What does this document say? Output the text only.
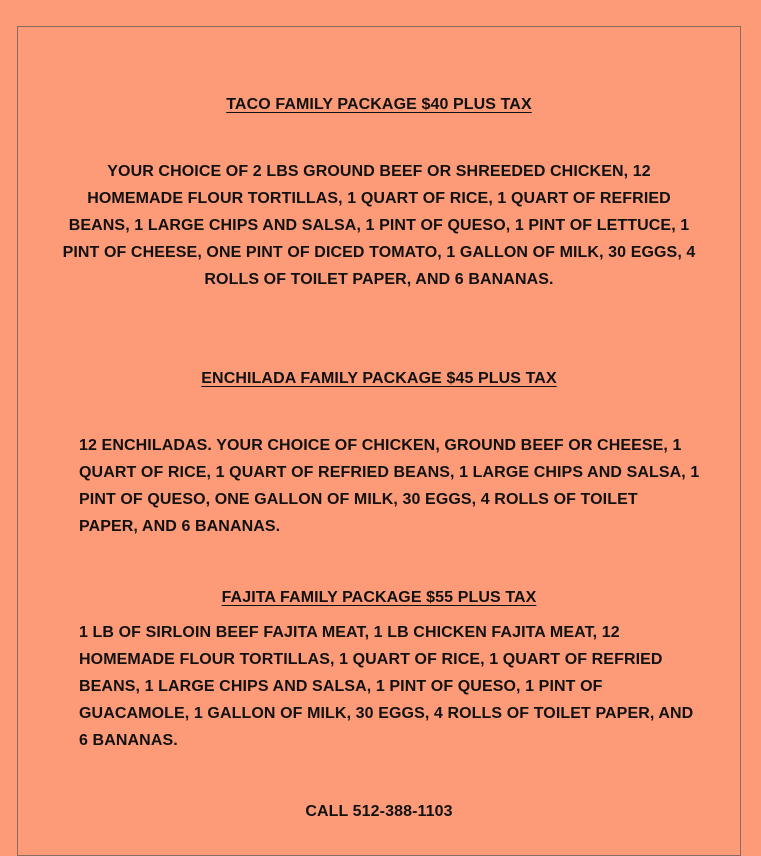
TACO FAMILY PACKAGE $40 PLUS TAX
YOUR CHOICE OF 2 LBS GROUND BEEF OR SHREEDED CHICKEN, 12 HOMEMADE FLOUR TORTILLAS, 1 QUART OF RICE, 1 QUART OF REFRIED BEANS, 1 LARGE CHIPS AND SALSA, 1 PINT OF QUESO, 1 PINT OF LETTUCE, 1 PINT OF CHEESE, ONE PINT OF DICED TOMATO, 1 GALLON OF MILK, 30 EGGS, 4 ROLLS OF TOILET PAPER, AND 6 BANANAS.
ENCHILADA FAMILY PACKAGE $45 PLUS TAX
12 ENCHILADAS. YOUR CHOICE OF CHICKEN, GROUND BEEF OR CHEESE, 1 QUART OF RICE, 1 QUART OF REFRIED BEANS, 1 LARGE CHIPS AND SALSA, 1 PINT OF QUESO, ONE GALLON OF MILK, 30 EGGS, 4 ROLLS OF TOILET PAPER, AND 6 BANANAS.
FAJITA FAMILY PACKAGE $55 PLUS TAX
1 LB OF SIRLOIN BEEF FAJITA MEAT, 1 LB CHICKEN FAJITA MEAT, 12 HOMEMADE FLOUR TORTILLAS, 1 QUART OF RICE, 1 QUART OF REFRIED BEANS, 1 LARGE CHIPS AND SALSA, 1 PINT OF QUESO, 1 PINT OF GUACAMOLE, 1 GALLON OF MILK, 30 EGGS, 4 ROLLS OF TOILET PAPER, AND 6 BANANAS.
CALL 512-388-1103
